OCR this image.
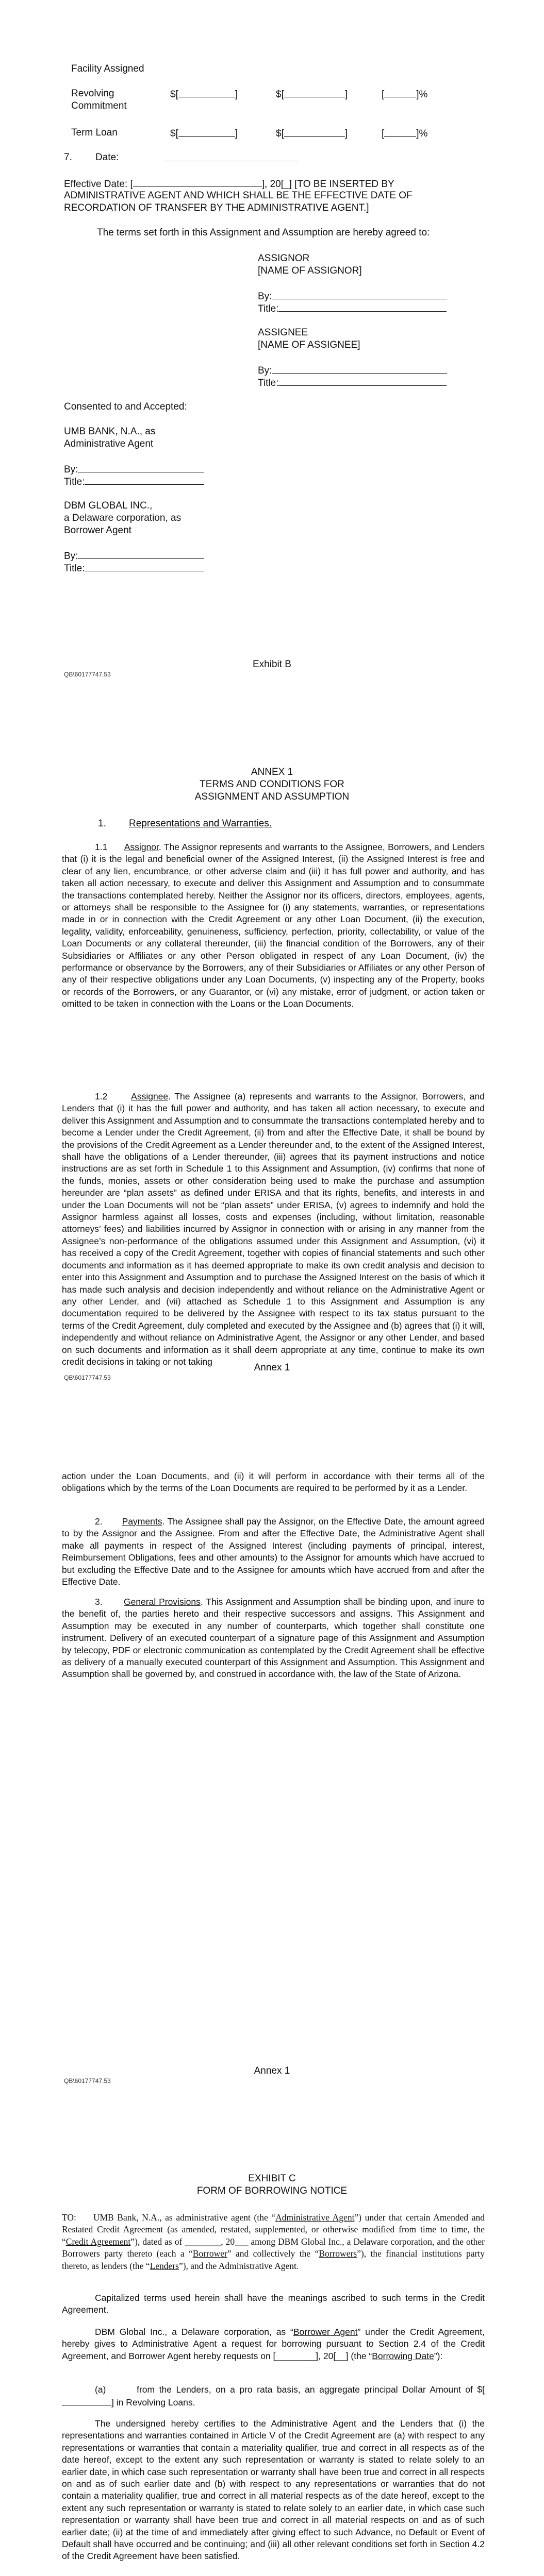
Facility Assigned
Revolving
Commitment
$[	]	$[	]	[	]%
Term Loan	$[	]	$[	]	[	]%
7. Date:
Effective Date: [	], 20[_] [TO BE INSERTED BY
ADMINISTRATIVE AGENT AND WHICH SHALL BE THE EFFECTIVE DATE OF
RECORDATION OF TRANSFER BY THE ADMINISTRATIVE AGENT.]
The terms set forth in this Assignment and Assumption are hereby agreed to:
ASSIGNOR
[NAME OF ASSIGNOR]
By:
Title:
ASSIGNEE
[NAME OF ASSIGNEE]
By:
Title:
Consented to and Accepted:
UMB BANK, N.A., as
Administrative Agent
By:
Title:
DBM GLOBAL INC.,
a Delaware corporation, as
Borrower Agent
By:
Title:
Exhibit B
QB\60177747.53
ANNEX 1
TERMS AND CONDITIONS FOR
ASSIGNMENT AND ASSUMPTION
1. Representations and Warranties.
1.1 Assignor. The Assignor represents and warrants to the Assignee, Borrowers, and Lenders that (i) it is the legal and beneficial owner of the Assigned Interest, (ii) the Assigned Interest is free and clear of any lien, encumbrance, or other adverse claim and (iii) it has full power and authority, and has taken all action necessary, to execute and deliver this Assignment and Assumption and to consummate the transactions contemplated hereby. Neither the Assignor nor its officers, directors, employees, agents, or attorneys shall be responsible to the Assignee for (i) any statements, warranties, or representations made in or in connection with the Credit Agreement or any other Loan Document, (ii) the execution, legality, validity, enforceability, genuineness, sufficiency, perfection, priority, collectability, or value of the Loan Documents or any collateral thereunder, (iii) the financial condition of the Borrowers, any of their Subsidiaries or Affiliates or any other Person obligated in respect of any Loan Document, (iv) the performance or observance by the Borrowers, any of their Subsidiaries or Affiliates or any other Person of any of their respective obligations under any Loan Documents, (v) inspecting any of the Property, books or records of the Borrowers, or any Guarantor, or (vi) any mistake, error of judgment, or action taken or omitted to be taken in connection with the Loans or the Loan Documents.
1.2	Assignee. The Assignee (a) represents and warrants to the Assignor, Borrowers, and Lenders that (i) it has the full power and authority, and has taken all action necessary, to execute and deliver this Assignment and Assumption and to consummate the transactions contemplated hereby and to become a Lender under the Credit Agreement, (ii) from and after the Effective Date, it shall be bound by the provisions of the Credit Agreement as a Lender thereunder and, to the extent of the Assigned Interest, shall have the obligations of a Lender thereunder, (iii) agrees that its payment instructions and notice instructions are as set forth in Schedule 1 to this Assignment and Assumption, (iv) confirms that none of the funds, monies, assets or other consideration being used to make the purchase and assumption hereunder are “plan assets” as defined under ERISA and that its rights, benefits, and interests in and under the Loan Documents will not be “plan assets” under ERISA, (v) agrees to indemnify and hold the Assignor harmless against all losses, costs and expenses (including, without limitation, reasonable attorneys’ fees) and liabilities incurred by Assignor in connection with or arising in any manner from the Assignee’s non-performance of the obligations assumed under this Assignment and Assumption, (vi) it has received a copy of the Credit Agreement, together with copies of financial statements and such other documents and information as it has deemed appropriate to make its own credit analysis and decision to enter into this Assignment and Assumption and to purchase the Assigned Interest on the basis of which it has made such analysis and decision independently and without reliance on the Administrative Agent or any other Lender, and (vii) attached as Schedule 1 to this Assignment and Assumption is any documentation required to be delivered by the Assignee with respect to its tax status pursuant to the terms of the Credit Agreement, duly completed and executed by the Assignee and (b) agrees that (i) it will, independently and without reliance on Administrative Agent, the Assignor or any other Lender, and based on such documents and information as it shall deem appropriate at any time, continue to make its own credit decisions in taking or not taking
Annex 1
QB\60177747.53
action under the Loan Documents, and (ii) it will perform in accordance with their terms all of the obligations which by the terms of the Loan Documents are required to be performed by it as a Lender.
2. Payments. The Assignee shall pay the Assignor, on the Effective Date, the amount agreed to by the Assignor and the Assignee. From and after the Effective Date, the Administrative Agent shall make all payments in respect of the Assigned Interest (including payments of principal, interest, Reimbursement Obligations, fees and other amounts) to the Assignor for amounts which have accrued to but excluding the Effective Date and to the Assignee for amounts which have accrued from and after the Effective Date.
3. General Provisions. This Assignment and Assumption shall be binding upon, and inure to the benefit of, the parties hereto and their respective successors and assigns. This Assignment and Assumption may be executed in any number of counterparts, which together shall constitute one instrument. Delivery of an executed counterpart of a signature page of this Assignment and Assumption by telecopy, PDF or electronic communication as contemplated by the Credit Agreement shall be effective as delivery of a manually executed counterpart of this Assignment and Assumption. This Assignment and Assumption shall be governed by, and construed in accordance with, the law of the State of Arizona.
Annex 1
QB\60177747.53
EXHIBIT C
FORM OF BORROWING NOTICE
TO: UMB Bank, N.A., as administrative agent (the “Administrative Agent”) under that certain Amended and Restated Credit Agreement (as amended, restated, supplemented, or otherwise modified from time to time, the “Credit Agreement”), dated as of ________, 20___ among DBM Global Inc., a Delaware corporation, and the other Borrowers party thereto (each a “Borrower” and collectively the “Borrowers”), the financial institutions party thereto, as lenders (the “Lenders”), and the Administrative Agent.
Capitalized terms used herein shall have the meanings ascribed to such terms in the Credit Agreement.
DBM Global Inc., a Delaware corporation, as “Borrower Agent” under the Credit Agreement, hereby gives to Administrative Agent a request for borrowing pursuant to Section 2.4 of the Credit Agreement, and Borrower Agent hereby requests on [________], 20[__] (the “Borrowing Date”):
(a)	from the Lenders, on a pro rata basis, an aggregate principal Dollar Amount of $[] in Revolving Loans.
The undersigned hereby certifies to the Administrative Agent and the Lenders that (i) the representations and warranties contained in Article V of the Credit Agreement are (a) with respect to any representations or warranties that contain a materiality qualifier, true and correct in all respects as of the date hereof, except to the extent any such representation or warranty is stated to relate solely to an earlier date, in which case such representation or warranty shall have been true and correct in all respects on and as of such earlier date and (b) with respect to any representations or warranties that do not contain a materiality qualifier, true and correct in all material respects as of the date hereof, except to the extent any such representation or warranty is stated to relate solely to an earlier date, in which case such representation or warranty shall have been true and correct in all material respects on and as of such earlier date; (ii) at the time of and immediately after giving effect to such Advance, no Default or Event of Default shall have occurred and be continuing; and (iii) all other relevant conditions set forth in Section 4.2 of the Credit Agreement have been satisfied.
